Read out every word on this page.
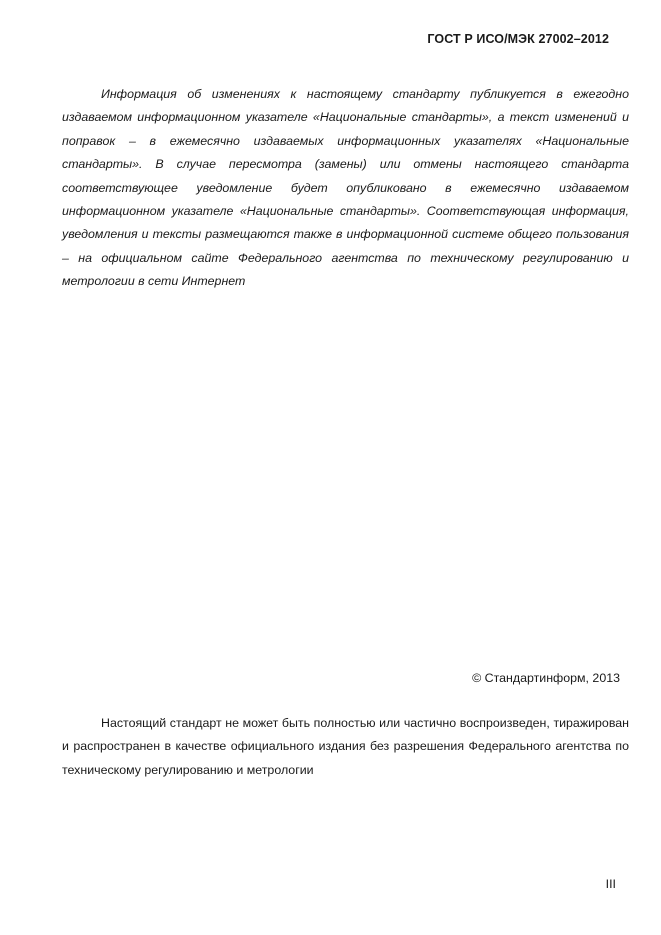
ГОСТ Р ИСО/МЭК 27002–2012

Информация об изменениях к настоящему стандарту публикуется в ежегодно издаваемом информационном указателе «Национальные стандарты», а текст изменений и поправок – в ежемесячно издаваемых информационных указателях «Национальные стандарты». В случае пересмотра (замены) или отмены настоящего стандарта соответствующее уведомление будет опубликовано в ежемесячно издаваемом информационном указателе «Национальные стандарты». Соответствующая информация, уведомления и тексты размещаются также в информационной системе общего пользования – на официальном сайте Федерального агентства по техническому регулированию и метрологии в сети Интернет

© Стандартинформ, 2013

Настоящий стандарт не может быть полностью или частично воспроизведен, тиражирован и распространен в качестве официального издания без разрешения Федерального агентства по техническому регулированию и метрологии

III
